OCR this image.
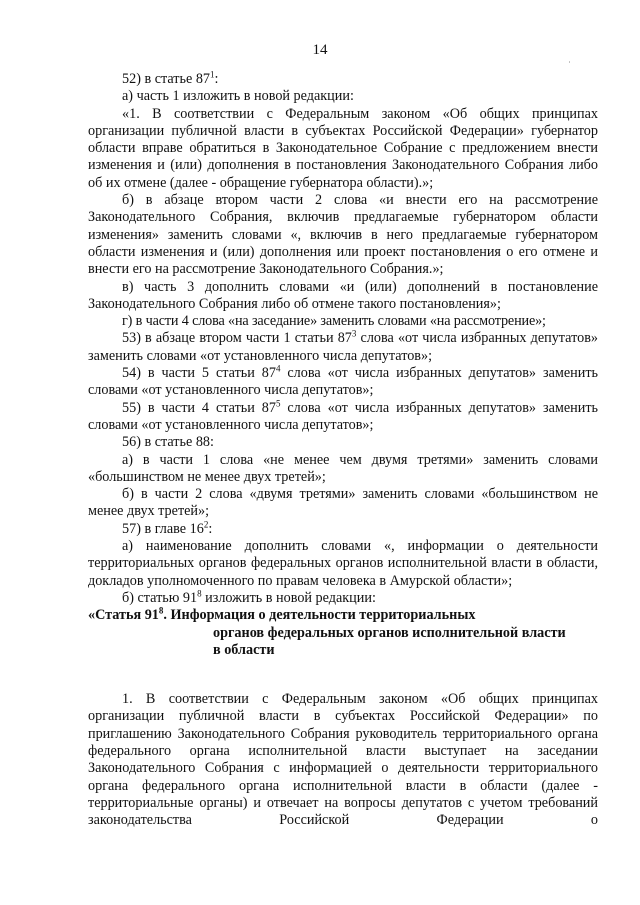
14
˙

52) в статье $87^1$:

а) часть 1 изложить в новой редакции:

«1. В соответствии с Федеральным законом «Об общих принципах организации публичной власти в субъектах Российской Федерации» губернатор области вправе обратиться в Законодательное Собрание с предложением внести изменения и (или) дополнения в постановления Законодательного Собрания либо об их отмене (далее - обращение губернатора области).»;

б) в абзаце втором части 2 слова «и внести его на рассмотрение Законодательного Собрания, включив предлагаемые губернатором области изменения» заменить словами «, включив в него предлагаемые губернатором области изменения и (или) дополнения или проект постановления о его отмене и внести его на рассмотрение Законодательного Собрания.»;

в) часть 3 дополнить словами «и (или) дополнений в постановление Законодательного Собрания либо об отмене такого постановления»;

г) в части 4 слова «на заседание» заменить словами «на рассмотрение»;

53) в абзаце втором части 1 статьи $87^3$ слова «от числа избранных депутатов» заменить словами «от установленного числа депутатов»;

54) в части 5 статьи $87^4$ слова «от числа избранных депутатов» заменить словами «от установленного числа депутатов»;

55) в части 4 статьи $87^5$ слова «от числа избранных депутатов» заменить словами «от установленного числа депутатов»;

56) в статье 88:

а) в части 1 слова «не менее чем двумя третями» заменить словами «большинством не менее двух третей»;

б) в части 2 слова «двумя третями» заменить словами «большинством не менее двух третей»;

57) в главе $16^2$:

а) наименование дополнить словами «, информации о деятельности территориальных органов федеральных органов исполнительной власти в области, докладов уполномоченного по правам человека в Амурской области»;

б) статью $91^8$ изложить в новой редакции:

«Статья $91^8$. Информация о деятельности территориальных
органов федеральных органов исполнительной власти
в области

1. В соответствии с Федеральным законом «Об общих принципах организации публичной власти в субъектах Российской Федерации» по приглашению Законодательного Собрания руководитель территориального органа федерального органа исполнительной власти выступает на заседании Законодательного Собрания с информацией о деятельности территориального органа федерального органа исполнительной власти в области (далее - территориальные органы) и отвечает на вопросы депутатов с учетом требований законодательства Российской Федерации о
